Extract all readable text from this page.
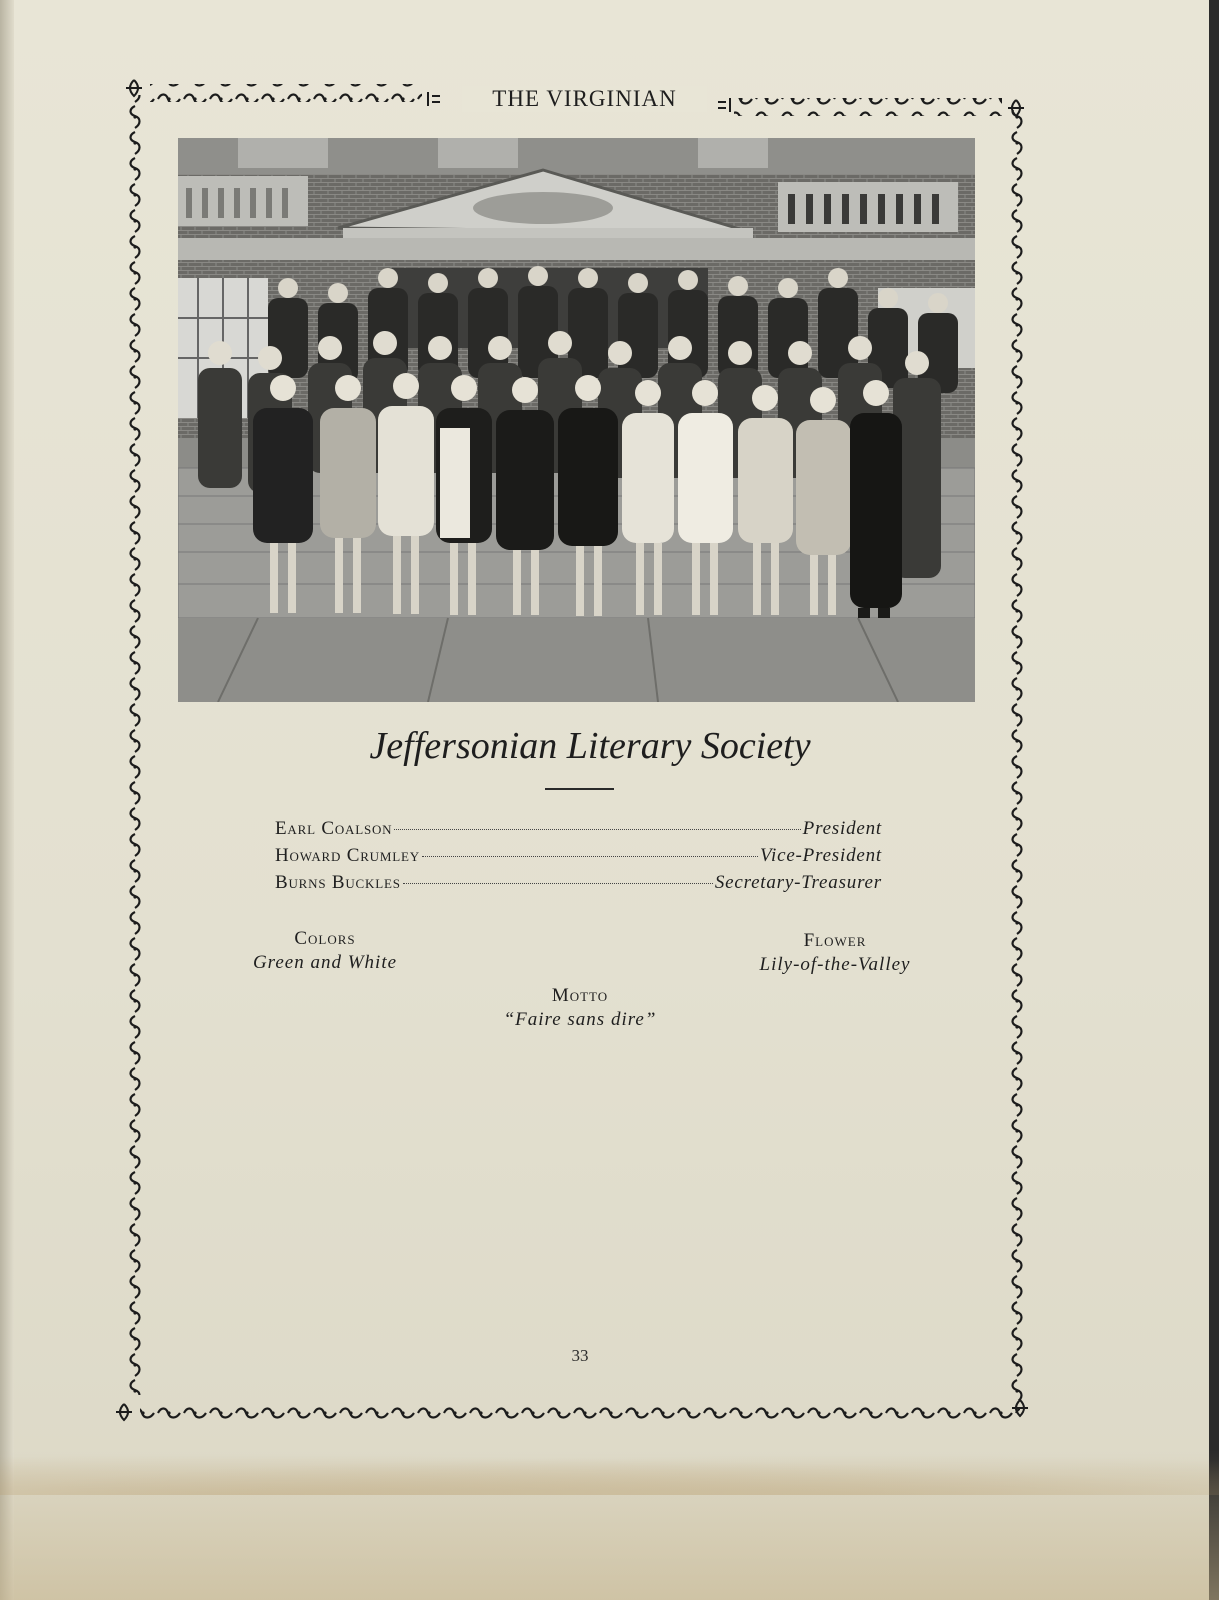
THE VIRGINIAN
Jeffersonian Literary Society
Earl Coalson	President
Howard Crumley	Vice-President
Burns Buckles	Secretary-Treasurer
Colors
Green and White
Flower
Lily-of-the-Valley
Motto
“Faire sans dire”
33
